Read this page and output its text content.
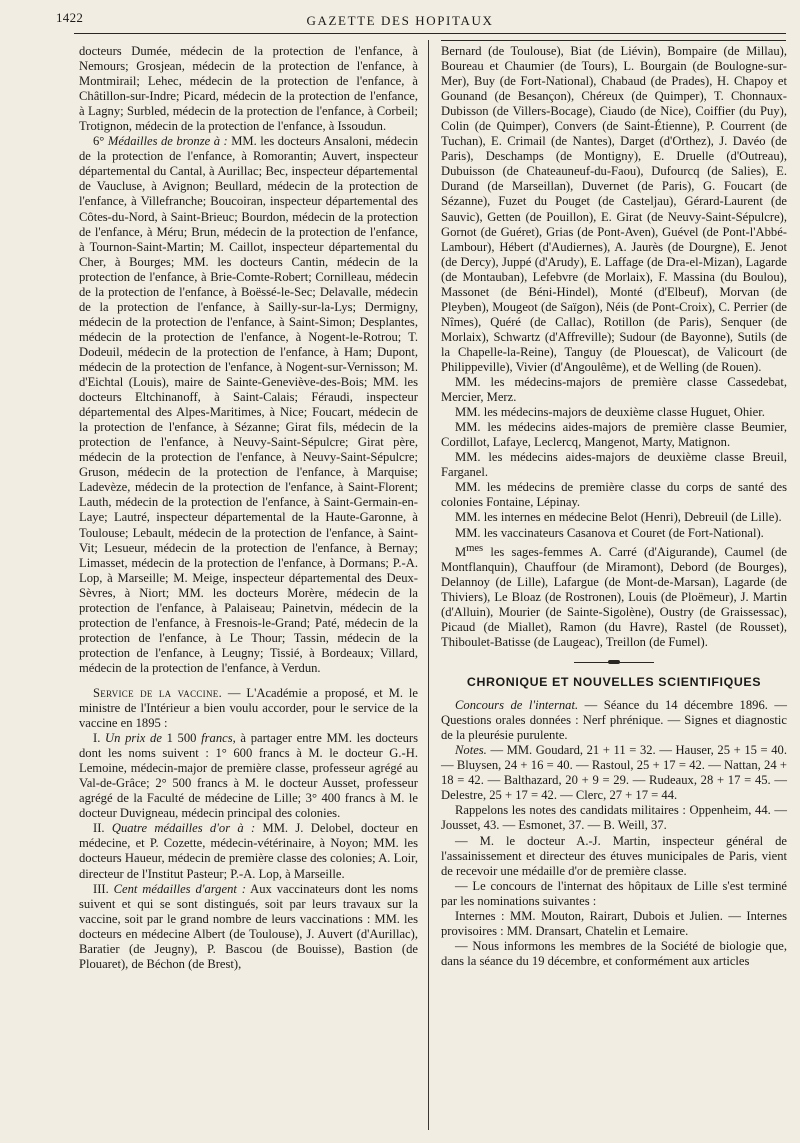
1422	GAZETTE DES HOPITAUX

docteurs Dumée, médecin de la protection de l'enfance, à Nemours; Grosjean, médecin de la protection de l'enfance, à Montmirail; Lehec, médecin de la protection de l'enfance, à Châtillon-sur-Indre; Picard, médecin de la protection de l'enfance, à Lagny; Surbled, médecin de la protection de l'enfance, à Corbeil; Trotignon, médecin de la protection de l'enfance, à Issoudun.

6° Médailles de bronze à : MM. les docteurs Ansaloni, médecin de la protection de l'enfance, à Romorantin; Auvert, inspecteur départemental du Cantal, à Aurillac; Bec, inspecteur départemental de Vaucluse, à Avignon; Beullard, médecin de la protection de l'enfance, à Villefranche; Boucoiran, inspecteur départemental des Côtes-du-Nord, à Saint-Brieuc; Bourdon, médecin de la protection de l'enfance, à Méru; Brun, médecin de la protection de l'enfance, à Tournon-Saint-Martin; M. Caillot, inspecteur départemental du Cher, à Bourges; MM. les docteurs Cantin, médecin de la protection de l'enfance, à Brie-Comte-Robert; Cornilleau, médecin de la protection de l'enfance, à Boëssé-le-Sec; Delavalle, médecin de la protection de l'enfance, à Sailly-sur-la-Lys; Dermigny, médecin de la protection de l'enfance, à Saint-Simon; Desplantes, médecin de la protection de l'enfance, à Nogent-le-Rotrou; T. Dodeuil, médecin de la protection de l'enfance, à Ham; Dupont, médecin de la protection de l'enfance, à Nogent-sur-Vernisson; M. d'Eichtal (Louis), maire de Sainte-Geneviève-des-Bois; MM. les docteurs Eltchinanoff, à Saint-Calais; Féraudi, inspecteur départemental des Alpes-Maritimes, à Nice; Foucart, médecin de la protection de l'enfance, à Sézanne; Girat fils, médecin de la protection de l'enfance, à Neuvy-Saint-Sépulcre; Girat père, médecin de la protection de l'enfance, à Neuvy-Saint-Sépulcre; Gruson, médecin de la protection de l'enfance, à Marquise; Ladevèze, médecin de la protection de l'enfance, à Saint-Florent; Lauth, médecin de la protection de l'enfance, à Saint-Germain-en-Laye; Lautré, inspecteur départemental de la Haute-Garonne, à Toulouse; Lebault, médecin de la protection de l'enfance, à Saint-Vit; Lesueur, médecin de la protection de l'enfance, à Bernay; Limasset, médecin de la protection de l'enfance, à Dormans; P.-A. Lop, à Marseille; M. Meige, inspecteur départemental des Deux-Sèvres, à Niort; MM. les docteurs Morère, médecin de la protection de l'enfance, à Palaiseau; Painetvin, médecin de la protection de l'enfance, à Fresnois-le-Grand; Paté, médecin de la protection de l'enfance, à Le Thour; Tassin, médecin de la protection de l'enfance, à Leugny; Tissié, à Bordeaux; Villard, médecin de la protection de l'enfance, à Verdun.

Service de la vaccine. — L'Académie a proposé, et M. le ministre de l'Intérieur a bien voulu accorder, pour le service de la vaccine en 1895 :

I. Un prix de 1 500 francs, à partager entre MM. les docteurs dont les noms suivent : 1° 600 francs à M. le docteur G.-H. Lemoine, médecin-major de première classe, professeur agrégé au Val-de-Grâce; 2° 500 francs à M. le docteur Ausset, professeur agrégé de la Faculté de médecine de Lille; 3° 400 francs à M. le docteur Duvigneau, médecin principal des colonies.

II. Quatre médailles d'or à : MM. J. Delobel, docteur en médecine, et P. Cozette, médecin-vétérinaire, à Noyon; MM. les docteurs Haueur, médecin de première classe des colonies; A. Loir, directeur de l'Institut Pasteur; P.-A. Lop, à Marseille.

III. Cent médailles d'argent : Aux vaccinateurs dont les noms suivent et qui se sont distingués, soit par leurs travaux sur la vaccine, soit par le grand nombre de leurs vaccinations : MM. les docteurs en médecine Albert (de Toulouse), J. Auvert (d'Aurillac), Baratier (de Jeugny), P. Bascou (de Bouisse), Bastion (de Plouaret), de Béchon (de Brest),

Bernard (de Toulouse), Biat (de Liévin), Bompaire (de Millau), Boureau et Chaumier (de Tours), L. Bourgain (de Boulogne-sur-Mer), Buy (de Fort-National), Chabaud (de Prades), H. Chapoy et Gounand (de Besançon), Chéreux (de Quimper), T. Chonnaux-Dubisson (de Villers-Bocage), Ciaudo (de Nice), Coiffier (du Puy), Colin (de Quimper), Convers (de Saint-Étienne), P. Courrent (de Tuchan), E. Crimail (de Nantes), Darget (d'Orthez), J. Davéo (de Paris), Deschamps (de Montigny), E. Druelle (d'Outreau), Dubuisson (de Chateauneuf-du-Faou), Dufourcq (de Salies), E. Durand (de Marseillan), Duvernet (de Paris), G. Foucart (de Sézanne), Fuzet du Pouget (de Casteljau), Gérard-Laurent (de Sauvic), Getten (de Pouillon), E. Girat (de Neuvy-Saint-Sépulcre), Gornot (de Guéret), Grias (de Pont-Aven), Guével (de Pont-l'Abbé-Lambour), Hébert (d'Audiernes), A. Jaurès (de Dourgne), E. Jenot (de Dercy), Juppé (d'Arudy), E. Laffage (de Dra-el-Mizan), Lagarde (de Montauban), Lefebvre (de Morlaix), F. Massina (du Boulou), Massonet (de Béni-Hindel), Monté (d'Elbeuf), Morvan (de Pleyben), Mougeot (de Saïgon), Néis (de Pont-Croix), C. Perrier (de Nîmes), Quéré (de Callac), Rotillon (de Paris), Senquer (de Morlaix), Schwartz (d'Affreville); Sudour (de Bayonne), Sutils (de la Chapelle-la-Reine), Tanguy (de Plouescat), de Valicourt (de Philippeville), Vivier (d'Angoulême), et de Welling (de Rouen).

MM. les médecins-majors de première classe Cassedebat, Mercier, Merz.

MM. les médecins-majors de deuxième classe Huguet, Ohier.

MM. les médecins aides-majors de première classe Beumier, Cordillot, Lafaye, Leclercq, Mangenot, Marty, Matignon.

MM. les médecins aides-majors de deuxième classe Breuil, Farganel.

MM. les médecins de première classe du corps de santé des colonies Fontaine, Lépinay.

MM. les internes en médecine Belot (Henri), Debreuil (de Lille).

MM. les vaccinateurs Casanova et Couret (de Fort-National).

$M^{mes}$ les sages-femmes A. Carré (d'Aigurande), Caumel (de Montflanquin), Chauffour (de Miramont), Debord (de Bourges), Delannoy (de Lille), Lafargue (de Mont-de-Marsan), Lagarde (de Thiviers), Le Bloaz (de Rostronen), Louis (de Ploëmeur), J. Martin (d'Alluin), Mourier (de Sainte-Sigolène), Oustry (de Graissessac), Picaud (de Miallet), Ramon (du Havre), Rastel (de Rousset), Thiboulet-Batisse (de Laugeac), Treillon (de Fumel).

CHRONIQUE ET NOUVELLES SCIENTIFIQUES

Concours de l'internat. — Séance du 14 décembre 1896. — Questions orales données : Nerf phrénique. — Signes et diagnostic de la pleurésie purulente.

Notes. — MM. Goudard, 21 + 11 = 32. — Hauser, 25 + 15 = 40. — Bluysen, 24 + 16 = 40. — Rastoul, 25 + 17 = 42. — Nattan, 24 + 18 = 42. — Balthazard, 20 + 9 = 29. — Rudeaux, 28 + 17 = 45. — Delestre, 25 + 17 = 42. — Clerc, 27 + 17 = 44.

Rappelons les notes des candidats militaires : Oppenheim, 44. — Jousset, 43. — Esmonet, 37. — B. Weill, 37.

— M. le docteur A.-J. Martin, inspecteur général de l'assainissement et directeur des étuves municipales de Paris, vient de recevoir une médaille d'or de première classe.

— Le concours de l'internat des hôpitaux de Lille s'est terminé par les nominations suivantes :

Internes : MM. Mouton, Rairart, Dubois et Julien. — Internes provisoires : MM. Dransart, Chatelin et Lemaire.

— Nous informons les membres de la Société de biologie que, dans la séance du 19 décembre, et conformément aux articles
